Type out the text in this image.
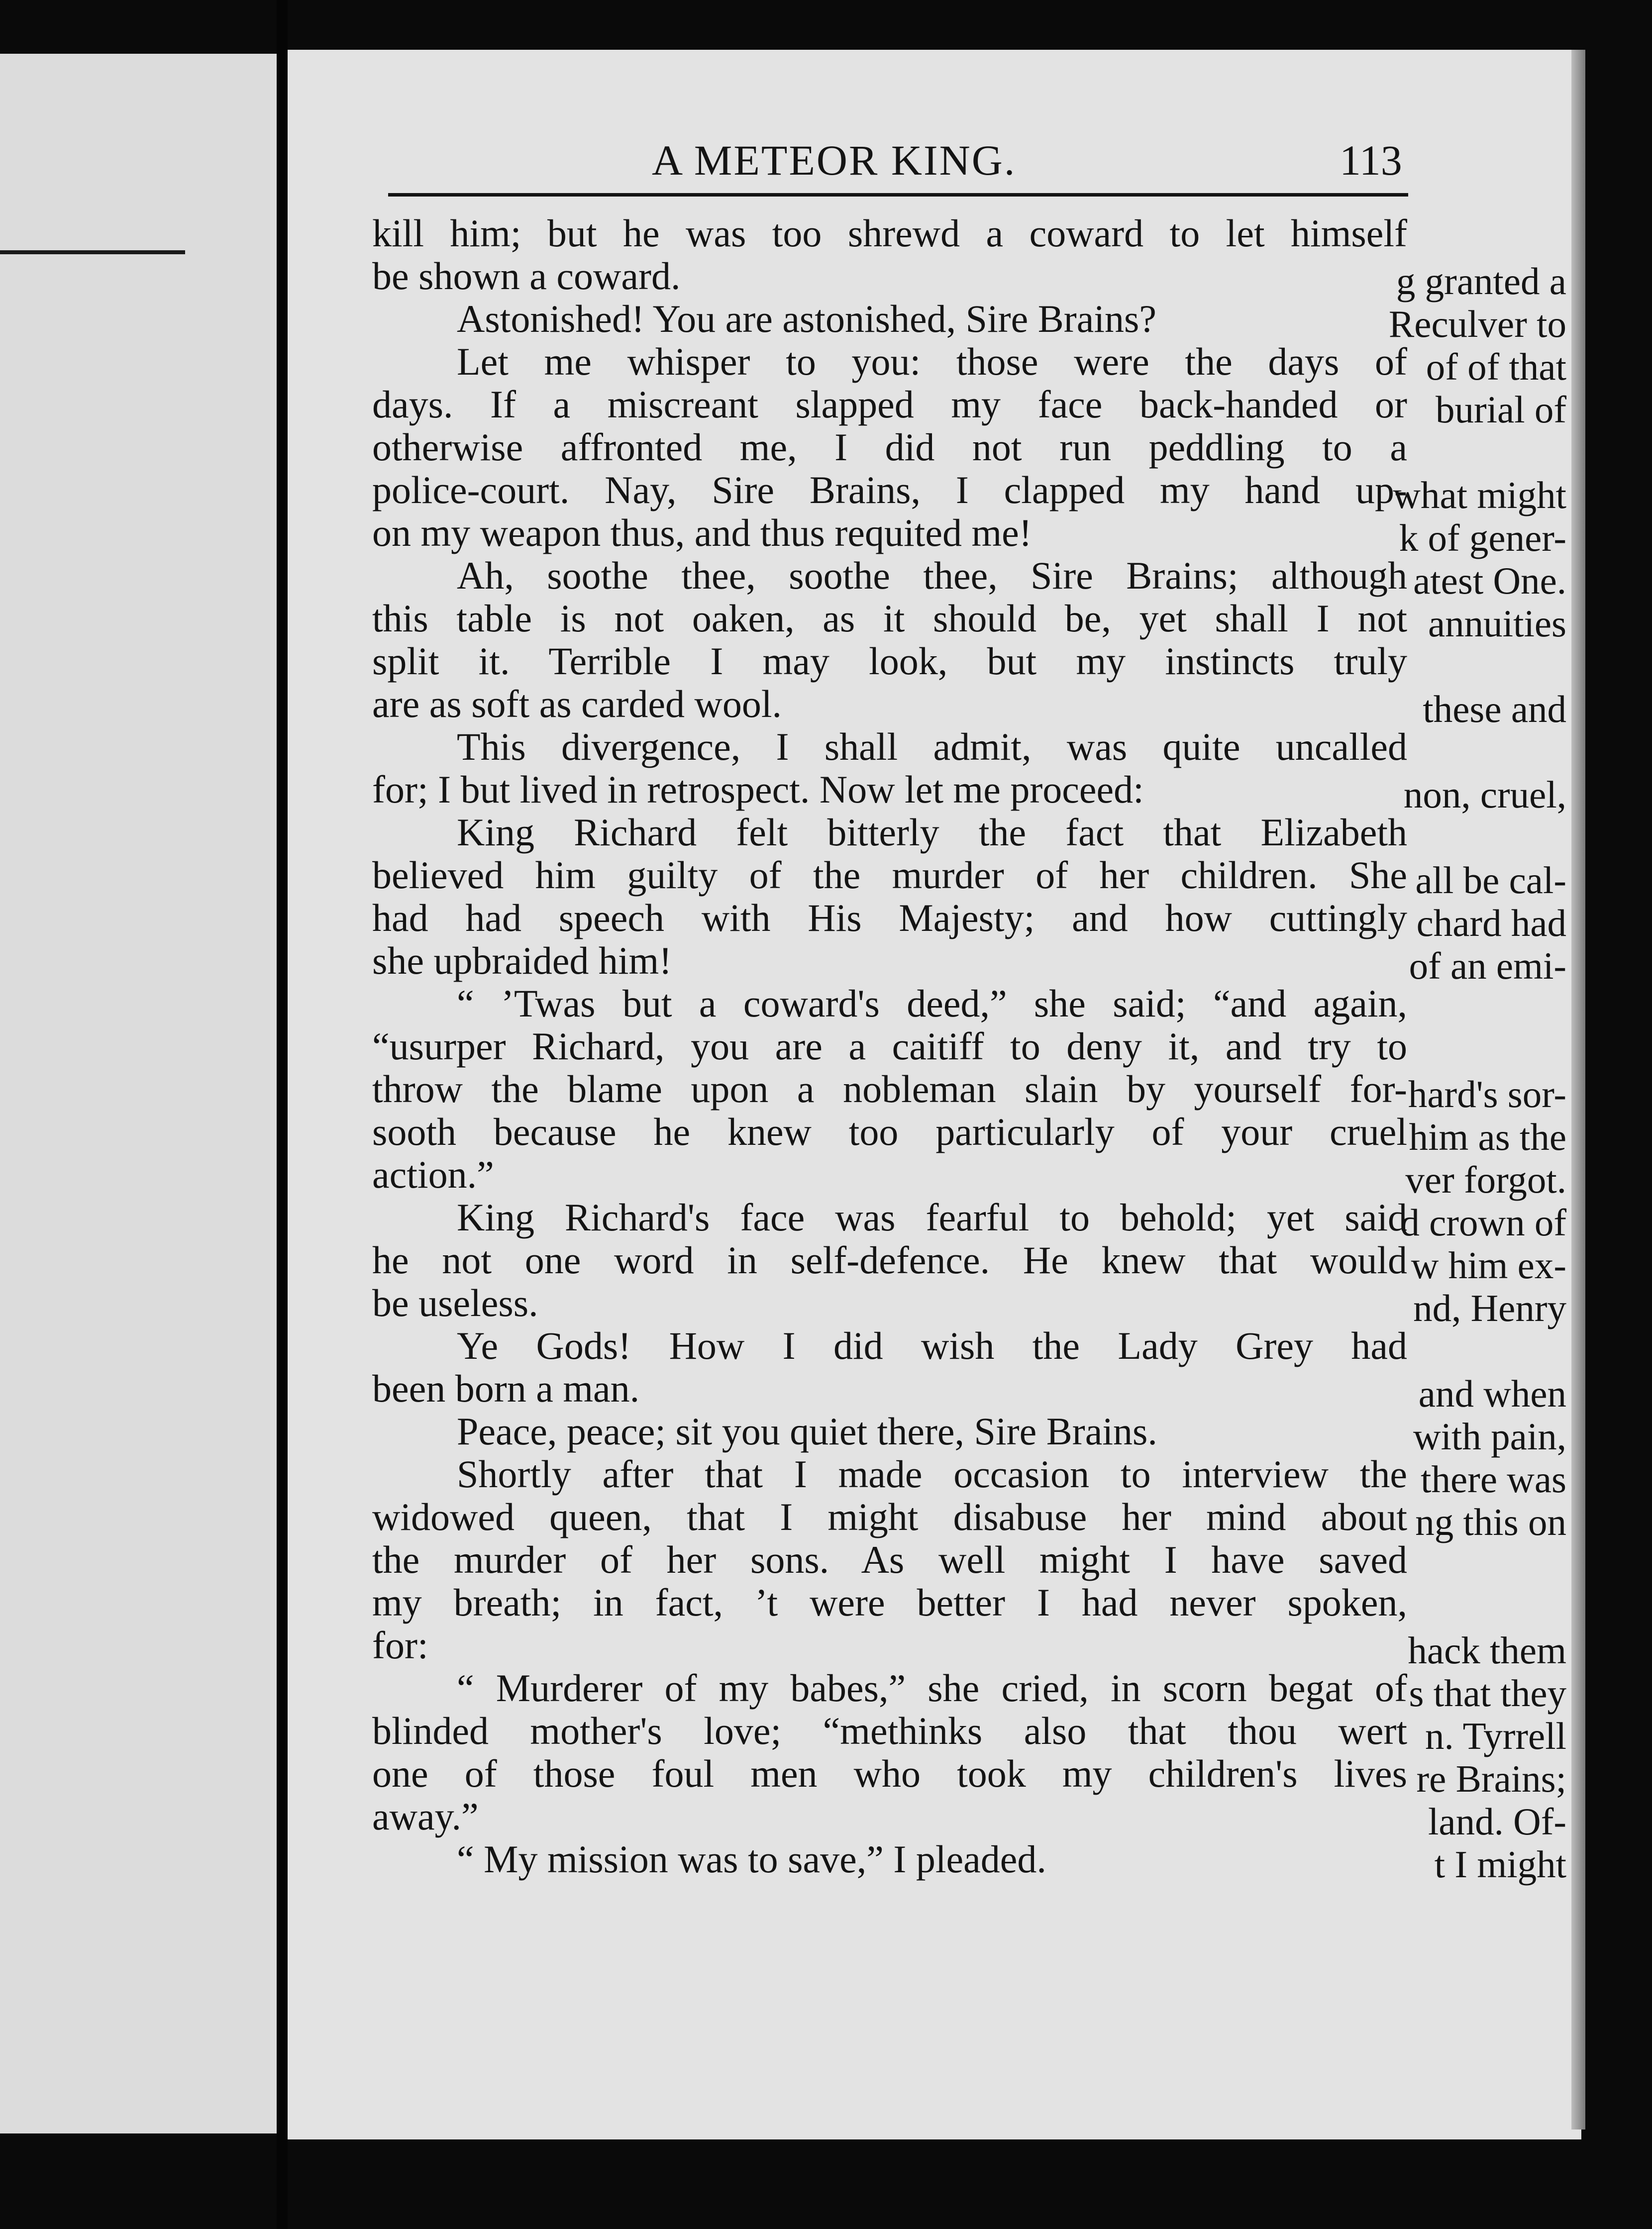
A METEOR KING.	113
g granted a
Reculver to
of of that
burial of
what might
k of gener-
atest One.
annuities
these and
non, cruel,
all be cal-
chard had
of an emi-
hard's sor-
him as the
ver forgot.
d crown of
w him ex-
nd, Henry
and when
with pain,
there was
ng this on
hack them
s that they
n. Tyrrell
re Brains;
land. Of-
t I might
kill him; but he was too shrewd a coward to let himself
be shown a coward.
Astonished! You are astonished, Sire Brains?
Let me whisper to you: those were the days of
days. If a miscreant slapped my face back-handed or
otherwise affronted me, I did not run peddling to a
police-court. Nay, Sire Brains, I clapped my hand up-
on my weapon thus, and thus requited me!
Ah, soothe thee, soothe thee, Sire Brains; although
this table is not oaken, as it should be, yet shall I not
split it. Terrible I may look, but my instincts truly
are as soft as carded wool.
This divergence, I shall admit, was quite uncalled
for; I but lived in retrospect. Now let me proceed:
King Richard felt bitterly the fact that Elizabeth
believed him guilty of the murder of her children. She
had had speech with His Majesty; and how cuttingly
she upbraided him!
“ ’Twas but a coward's deed,” she said; “and again,
“usurper Richard, you are a caitiff to deny it, and try to
throw the blame upon a nobleman slain by yourself for-
sooth because he knew too particularly of your cruel
action.”
King Richard's face was fearful to behold; yet said
he not one word in self-defence. He knew that would
be useless.
Ye Gods! How I did wish the Lady Grey had
been born a man.
Peace, peace; sit you quiet there, Sire Brains.
Shortly after that I made occasion to interview the
widowed queen, that I might disabuse her mind about
the murder of her sons. As well might I have saved
my breath; in fact, ’t were better I had never spoken,
for:
“ Murderer of my babes,” she cried, in scorn begat of
blinded mother's love; “methinks also that thou wert
one of those foul men who took my children's lives
away.”
“ My mission was to save,” I pleaded.
